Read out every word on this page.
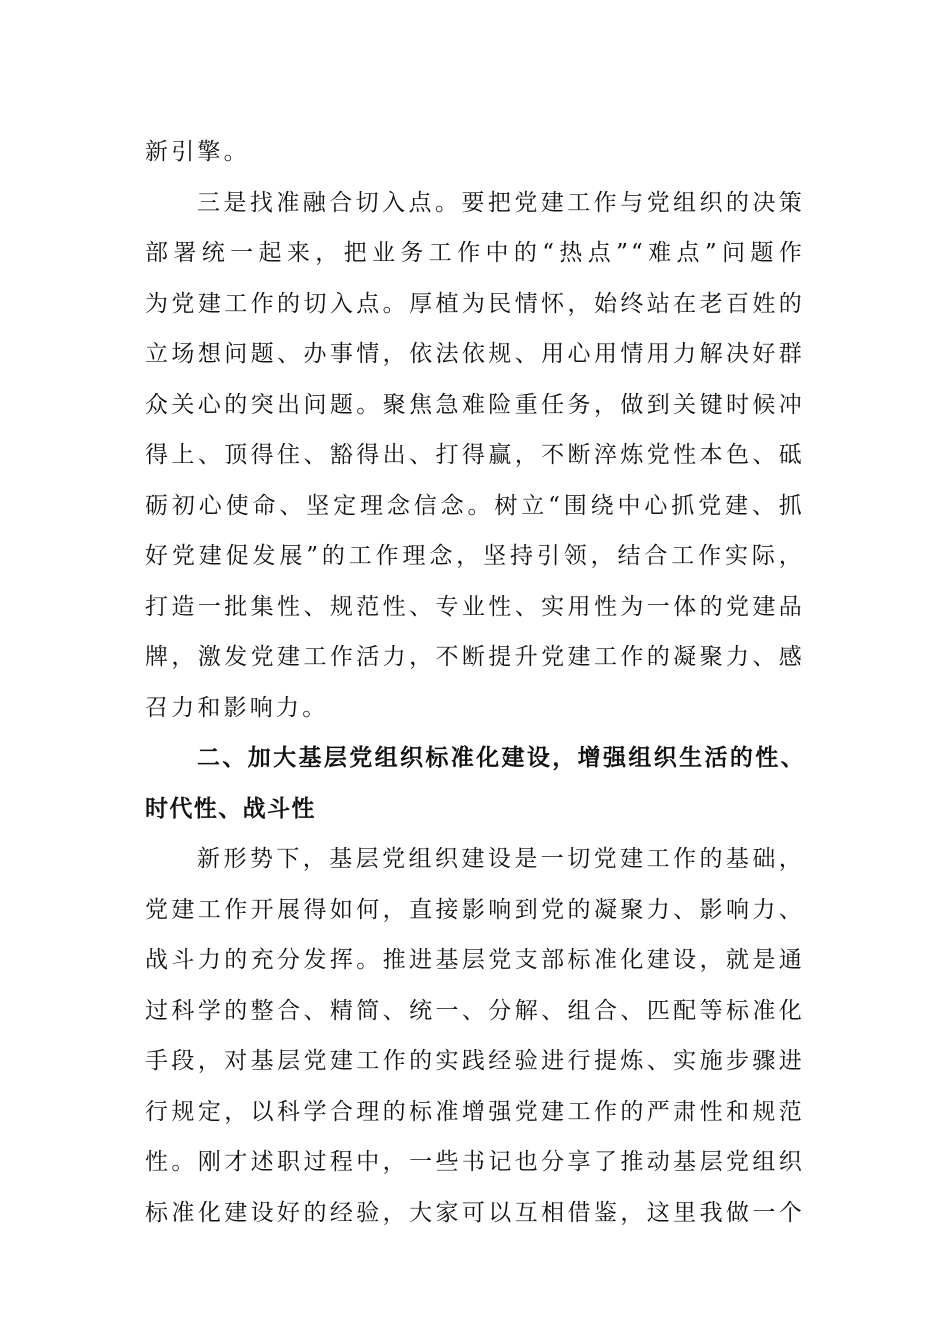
新引擎。
三是找准融合切入点。要把党建工作与党组织的决策
部署统一起来，把业务工作中的“热点”“难点”问题作
为党建工作的切入点。厚植为民情怀，始终站在老百姓的
立场想问题、办事情，依法依规、用心用情用力解决好群
众关心的突出问题。聚焦急难险重任务，做到关键时候冲
得上、顶得住、豁得出、打得赢，不断淬炼党性本色、砥
砺初心使命、坚定理念信念。树立“围绕中心抓党建、抓
好党建促发展”的工作理念，坚持引领，结合工作实际，
打造一批集性、规范性、专业性、实用性为一体的党建品
牌，激发党建工作活力，不断提升党建工作的凝聚力、感
召力和影响力。
二、加大基层党组织标准化建设，增强组织生活的性、
时代性、战斗性
新形势下，基层党组织建设是一切党建工作的基础，
党建工作开展得如何，直接影响到党的凝聚力、影响力、
战斗力的充分发挥。推进基层党支部标准化建设，就是通
过科学的整合、精简、统一、分解、组合、匹配等标准化
手段，对基层党建工作的实践经验进行提炼、实施步骤进
行规定，以科学合理的标准增强党建工作的严肃性和规范
性。刚才述职过程中，一些书记也分享了推动基层党组织
标准化建设好的经验，大家可以互相借鉴，这里我做一个
